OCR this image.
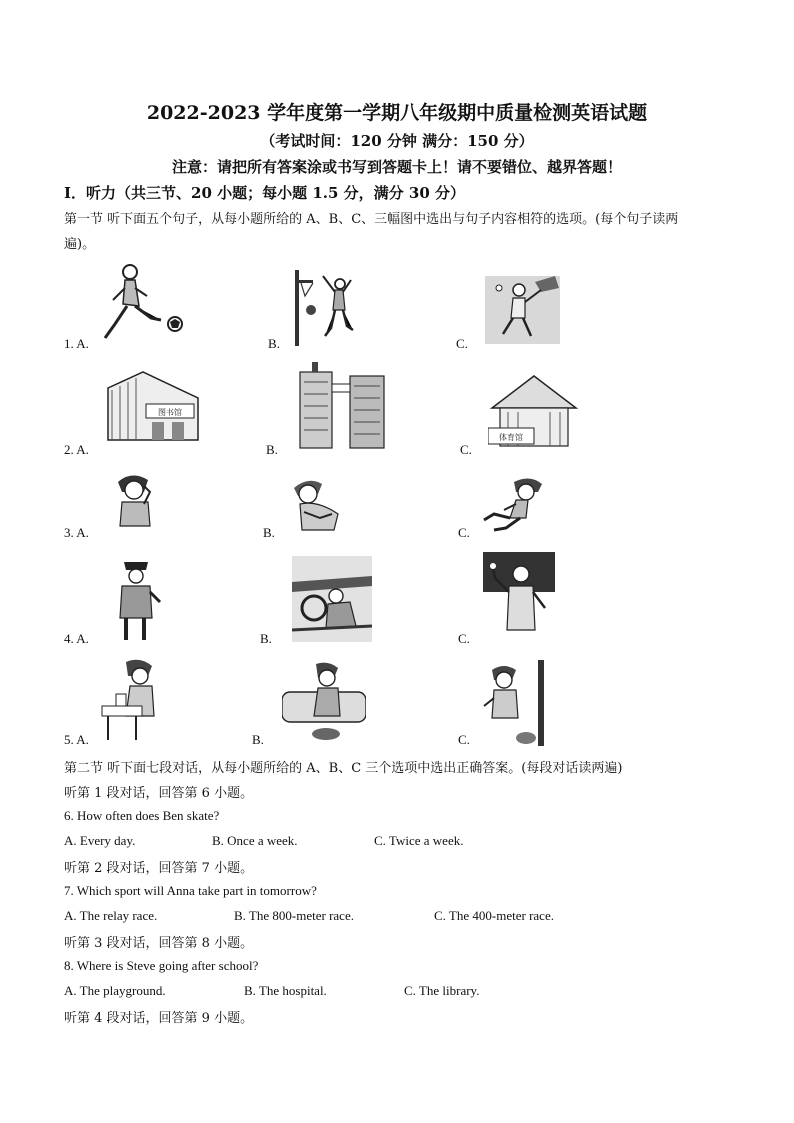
2022-2023 学年度第一学期八年级期中质量检测英语试题
（考试时间：120 分钟 满分：150 分）
注意：请把所有答案涂或书写到答题卡上！请不要错位、越界答题！
Ⅰ．听力（共三节、20 小题；每小题 1.5 分，满分 30 分）
第一节 听下面五个句子，从每小题所给的 A、B、C、三幅图中选出与句子内容相符的选项。(每个句子读两
遍)。
1. A.	B.	C.
图书馆
体育馆
2. A.	B.	C.
3. A.	B.	C.
4. A.	B.	C.
5. A.	B.	C.
第二节 听下面七段对话，从每小题所给的 A、B、C 三个选项中选出正确答案。(每段对话读两遍)
听第 1 段对话，回答第 6 小题。
6. How often does Ben skate?
A. Every day.	B. Once a week.	C. Twice a week.
听第 2 段对话，回答第 7 小题。
7. Which sport will Anna take part in tomorrow?
A. The relay race.	B. The 800-meter race.	C. The 400-meter race.
听第 3 段对话，回答第 8 小题。
8. Where is Steve going after school?
A. The playground.	B. The hospital.	C. The library.
听第 4 段对话，回答第 9 小题。
